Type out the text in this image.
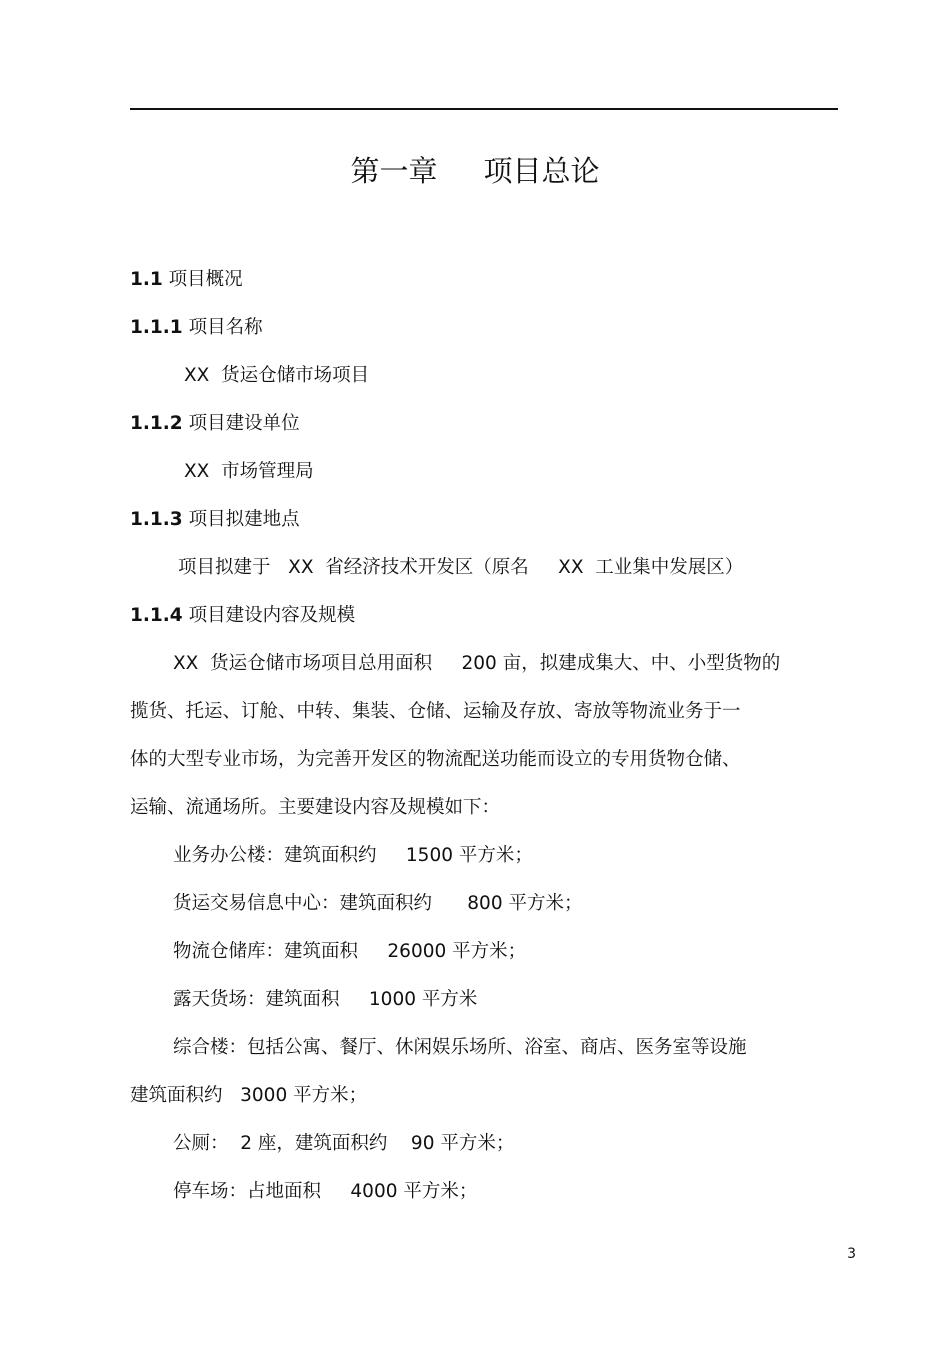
第一章     项目总论
1.1 项目概况
1.1.1 项目名称
XX  货运仓储市场项目
1.1.2 项目建设单位
XX  市场管理局
1.1.3 项目拟建地点
项目拟建于   XX  省经济技术开发区（原名     XX  工业集中发展区）
1.1.4 项目建设内容及规模
XX  货运仓储市场项目总用面积     200 亩，拟建成集大、中、小型货物的
揽货、托运、订舱、中转、集装、仓储、运输及存放、寄放等物流业务于一
体的大型专业市场，为完善开发区的物流配送功能而设立的专用货物仓储、
运输、流通场所。主要建设内容及规模如下：
业务办公楼：建筑面积约     1500 平方米；
货运交易信息中心：建筑面积约      800 平方米；
物流仓储库：建筑面积     26000 平方米；
露天货场：建筑面积     1000 平方米
综合楼：包括公寓、餐厅、休闲娱乐场所、浴室、商店、医务室等设施
建筑面积约   3000 平方米；
公厕：  2 座，建筑面积约    90 平方米；
停车场：占地面积     4000 平方米；
3
